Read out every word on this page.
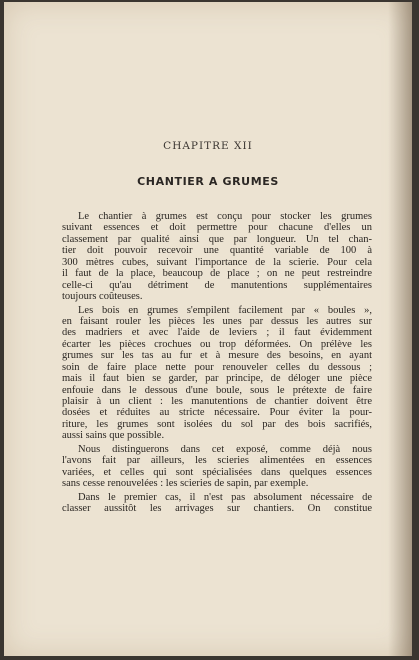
CHAPITRE XII
CHANTIER A GRUMES
Le chantier à grumes est conçu pour stocker les grumes
suivant essences et doit permettre pour chacune d'elles un
classement par qualité ainsi que par longueur. Un tel chan-
tier doit pouvoir recevoir une quantité variable de 100 à
300 mètres cubes, suivant l'importance de la scierie. Pour cela
il faut de la place, beaucoup de place ; on ne peut restreindre
celle-ci qu'au détriment de manutentions supplémentaires
toujours coûteuses.
Les bois en grumes s'empilent facilement par « boules »,
en faisant rouler les pièces les unes par dessus les autres sur
des madriers et avec l'aide de leviers ; il faut évidemment
écarter les pièces crochues ou trop déformées. On prélève les
grumes sur les tas au fur et à mesure des besoins, en ayant
soin de faire place nette pour renouveler celles du dessous ;
mais il faut bien se garder, par principe, de déloger une pièce
enfouie dans le dessous d'une boule, sous le prétexte de faire
plaisir à un client : les manutentions de chantier doivent être
dosées et réduites au stricte nécessaire. Pour éviter la pour-
riture, les grumes sont isolées du sol par des bois sacrifiés,
aussi sains que possible.
Nous distinguerons dans cet exposé, comme déjà nous
l'avons fait par ailleurs, les scieries alimentées en essences
variées, et celles qui sont spécialisées dans quelques essences
sans cesse renouvelées : les scieries de sapin, par exemple.
Dans le premier cas, il n'est pas absolument nécessaire de
classer aussitôt les arrivages sur chantiers. On constitue
